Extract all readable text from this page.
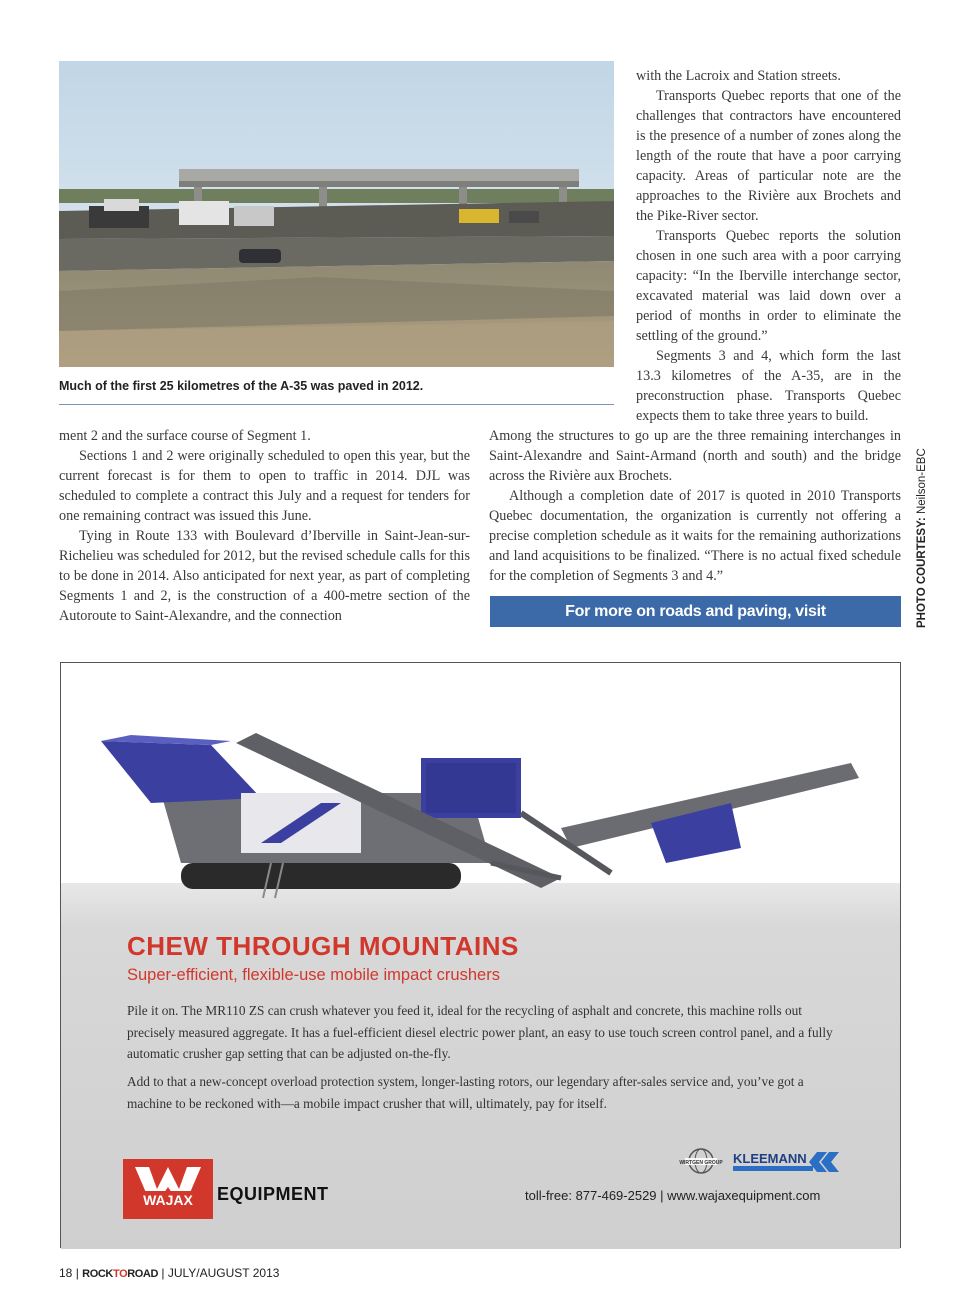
Much of the first 25 kilometres of the A-35 was paved in 2012.

with the Lacroix and Station streets.

Transports Quebec reports that one of the challenges that contractors have encountered is the presence of a number of zones along the length of the route that have a poor carrying capacity. Areas of particular note are the approaches to the Rivière aux Brochets and the Pike-River sector.

Transports Quebec reports the solution chosen in one such area with a poor carrying capacity: “In the Iberville interchange sector, excavated material was laid down over a period of months in order to eliminate the settling of the ground.”

Segments 3 and 4, which form the last 13.3 kilometres of the A-35, are in the preconstruction phase. Transports Quebec expects them to take three years to build.

Among the structures to go up are the three remaining interchanges in Saint-Alexandre and Saint-Armand (north and south) and the bridge across the Rivière aux Brochets.

Although a completion date of 2017 is quoted in 2010 Transports Quebec documentation, the organization is currently not offering a precise completion schedule as it waits for the remaining authorizations and land acquisitions to be finalized. “There is no actual fixed schedule for the completion of Segments 3 and 4.”

ment 2 and the surface course of Segment 1.

Sections 1 and 2 were originally scheduled to open this year, but the current forecast is for them to open to traffic in 2014. DJL was scheduled to complete a contract this July and a request for tenders for one remaining contract was issued this June.

Tying in Route 133 with Boulevard d’Iberville in Saint-Jean-sur-Richelieu was scheduled for 2012, but the revised schedule calls for this to be done in 2014. Also anticipated for next year, as part of completing Segments 1 and 2, is the construction of a 400-metre section of the Autoroute to Saint-Alexandre, and the connection	For more on roads and paving, visit www.rocktoroad.com
PHOTO COURTESY: Neilson-EBC
CHEW THROUGH MOUNTAINS
Super-efficient, flexible-use mobile impact crushers
Pile it on. The MR110 ZS can crush whatever you feed it, ideal for the recycling of asphalt and concrete, this machine rolls out precisely measured aggregate. It has a fuel-efficient diesel electric power plant, an easy to use touch screen control panel, and a fully automatic crusher gap setting that can be adjusted on-the-fly.
Add to that a new-concept overload protection system, longer-lasting rotors, our legendary after-sales service and, you’ve got a machine to be reckoned with—a mobile impact crusher that will, ultimately, pay for itself.
WAJAX EQUIPMENT
WIRTGEN GROUP KLEEMANN
toll-free: 877-469-2529 | www.wajaxequipment.com
18 | ROCKTOROAD | JULY/AUGUST 2013
